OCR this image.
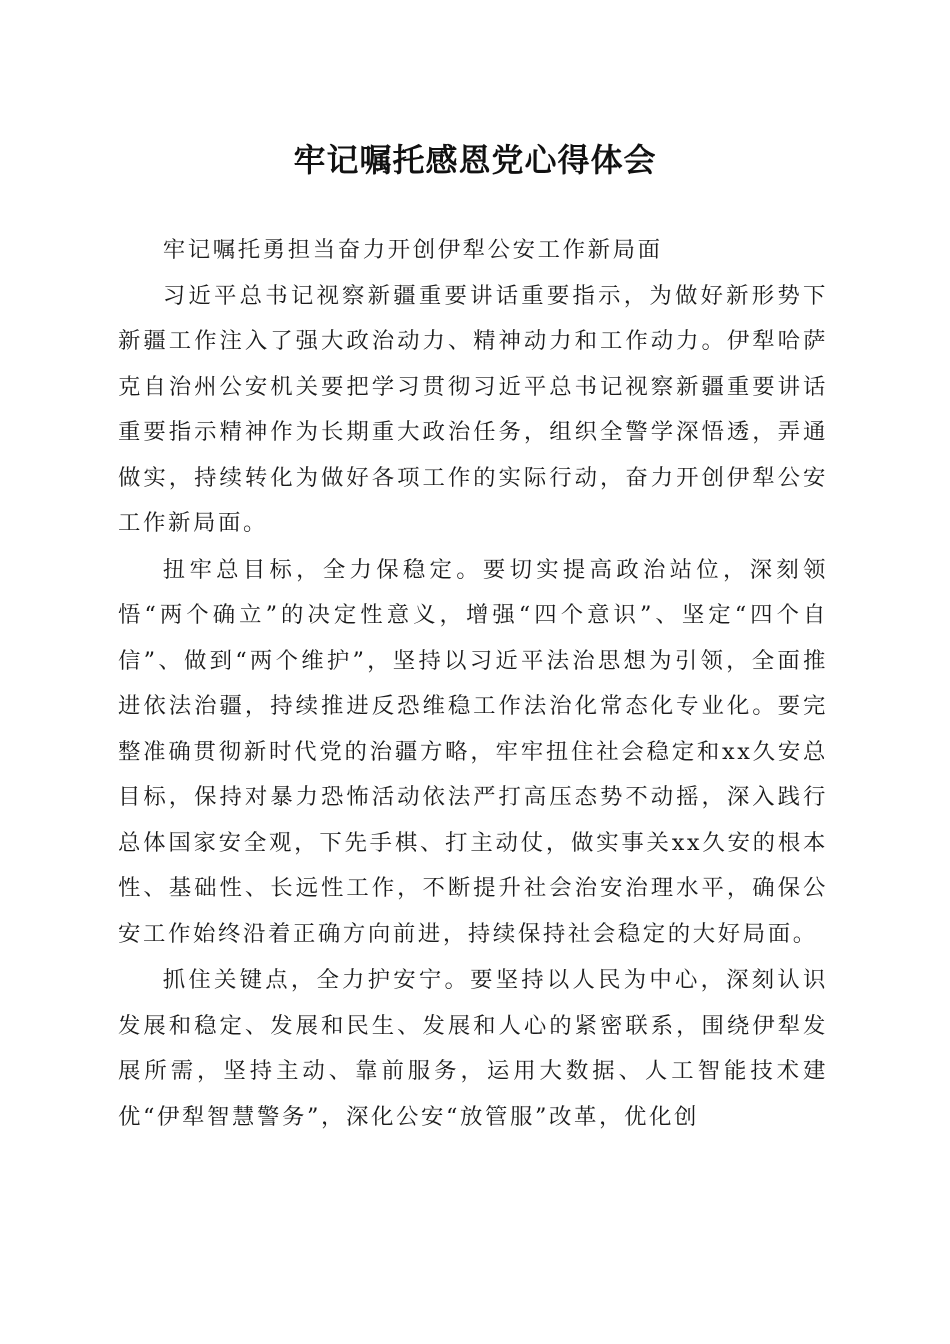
牢记嘱托感恩党心得体会

牢记嘱托勇担当奋力开创伊犁公安工作新局面

习近平总书记视察新疆重要讲话重要指示，为做好新形势下新疆工作注入了强大政治动力、精神动力和工作动力。伊犁哈萨克自治州公安机关要把学习贯彻习近平总书记视察新疆重要讲话重要指示精神作为长期重大政治任务，组织全警学深悟透，弄通做实，持续转化为做好各项工作的实际行动，奋力开创伊犁公安工作新局面。

扭牢总目标，全力保稳定。要切实提高政治站位，深刻领悟“两个确立”的决定性意义，增强“四个意识”、坚定“四个自信”、做到“两个维护”，坚持以习近平法治思想为引领，全面推进依法治疆，持续推进反恐维稳工作法治化常态化专业化。要完整准确贯彻新时代党的治疆方略，牢牢扭住社会稳定和xx久安总目标，保持对暴力恐怖活动依法严打高压态势不动摇，深入践行总体国家安全观，下先手棋、打主动仗，做实事关xx久安的根本性、基础性、长远性工作，不断提升社会治安治理水平，确保公安工作始终沿着正确方向前进，持续保持社会稳定的大好局面。

抓住关键点，全力护安宁。要坚持以人民为中心，深刻认识发展和稳定、发展和民生、发展和人心的紧密联系，围绕伊犁发展所需，坚持主动、靠前服务，运用大数据、人工智能技术建优“伊犁智慧警务”，深化公安“放管服”改革，优化创
